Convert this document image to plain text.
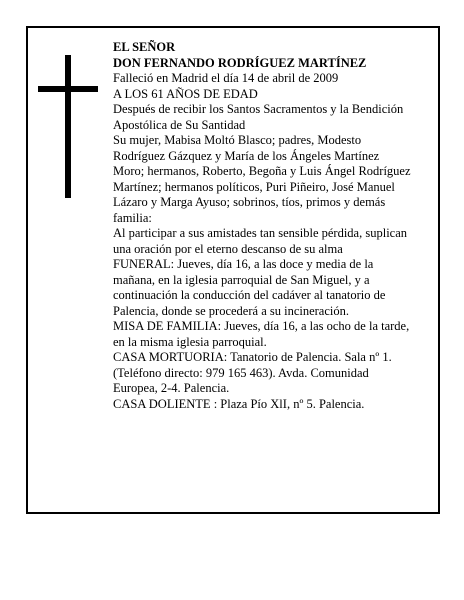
EL SEÑOR
DON FERNANDO RODRÍGUEZ MARTÍNEZ
Falleció en Madrid el día 14 de abril de 2009
A LOS 61 AÑOS DE EDAD
Después de recibir los Santos Sacramentos y la Bendición Apostólica de Su Santidad
Su mujer, Mabisa Moltó Blasco; padres, Modesto Rodríguez Gázquez y María de los Ángeles Martínez Moro; hermanos, Roberto, Begoña y Luis Ángel Rodríguez Martínez; hermanos políticos, Puri Piñeiro, José Manuel Lázaro y Marga Ayuso; sobrinos, tíos, primos y demás familia:
Al participar a sus amistades tan sensible pérdida, suplican una oración por el eterno descanso de su alma
FUNERAL: Jueves, día 16, a las doce y media de la mañana, en la iglesia parroquial de San Miguel, y a continuación la conducción del cadáver al tanatorio de Palencia, donde se procederá a su incineración.
MISA DE FAMILIA: Jueves, día 16, a las ocho de la tarde, en la misma iglesia parroquial.
CASA MORTUORIA: Tanatorio de Palencia. Sala nº 1. (Teléfono directo: 979 165 463). Avda. Comunidad Europea, 2-4. Palencia.
CASA DOLIENTE : Plaza Pío XlI, nº 5. Palencia.
